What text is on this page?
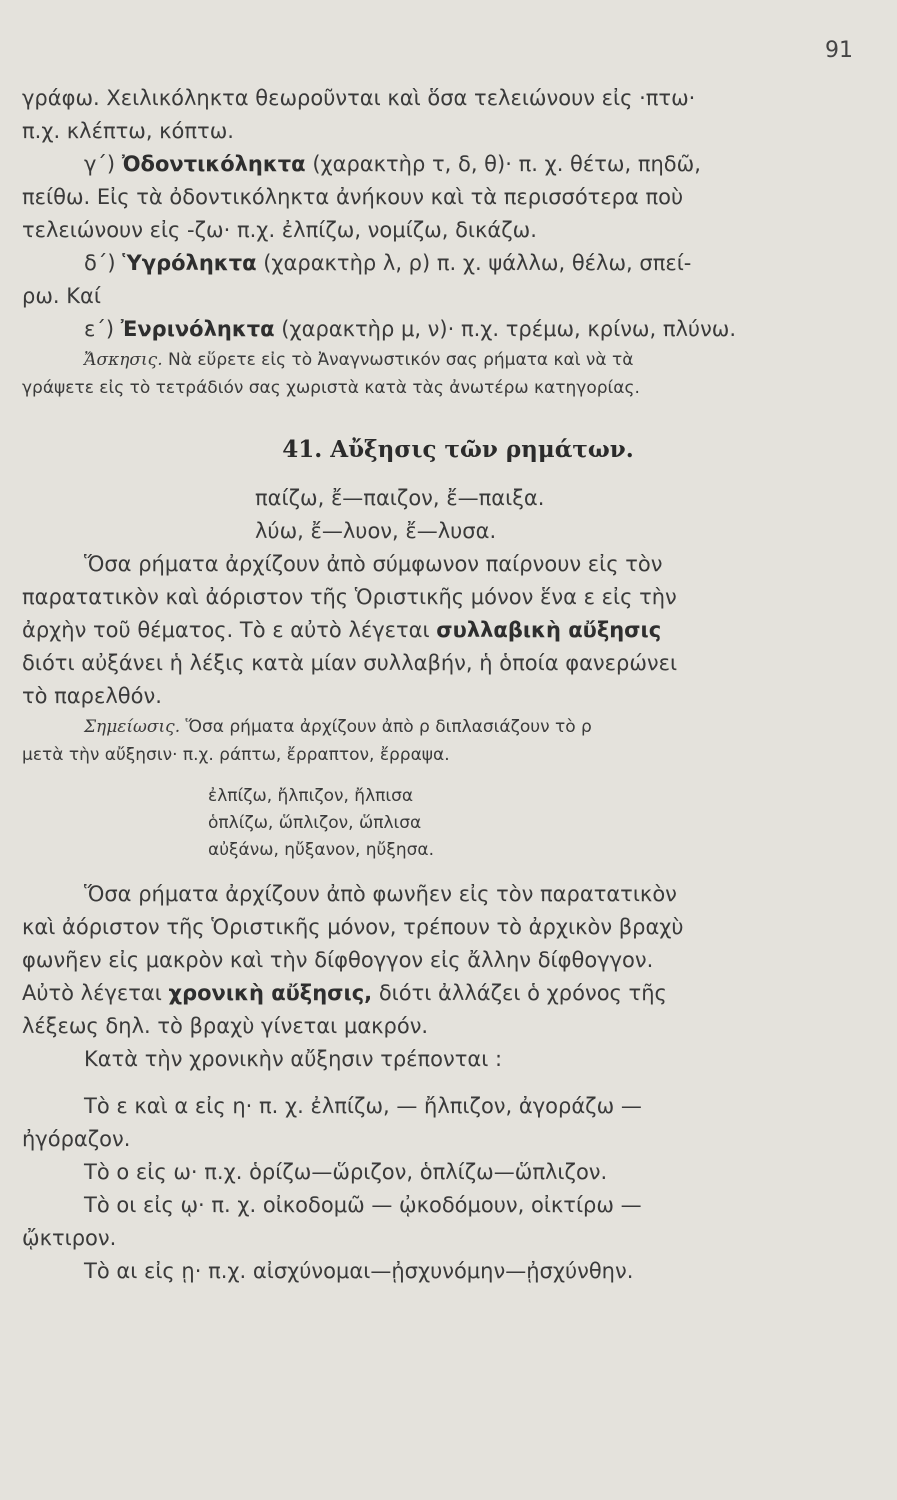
91
γράφω. Χειλικόληκτα θεωροῦνται καὶ ὅσα τελειώνουν εἰς ·πτω·
π.χ. κλέπτω, κόπτω.
γ΄) Ὀδοντικόληκτα (χαρακτὴρ τ, δ, θ)· π. χ. θέτω, πηδῶ,
πείθω. Εἰς τὰ ὀδοντικόληκτα ἀνήκουν καὶ τὰ περισσότερα ποὺ
τελειώνουν εἰς -ζω· π.χ. ἐλπίζω, νομίζω, δικάζω.
δ΄) Ὑγρόληκτα (χαρακτὴρ λ, ρ) π. χ. ψάλλω, θέλω, σπεί-
ρω. Καί
ε΄) Ἐνρινόληκτα (χαρακτὴρ μ, ν)· π.χ. τρέμω, κρίνω, πλύνω.
Ἄσκησις. Νὰ εὕρετε εἰς τὸ Ἀναγνωστικόν σας ρήματα καὶ νὰ τὰ
γράψετε εἰς τὸ τετράδιόν σας χωριστὰ κατὰ τὰς ἀνωτέρω κατηγορίας.
41. Αὔξησις τῶν ρημάτων.
παίζω, ἔ—παιζον, ἔ—παιξα.
λύω, ἔ—λυον, ἔ—λυσα.
Ὅσα ρήματα ἀρχίζουν ἀπὸ σύμφωνον παίρνουν εἰς τὸν
παρατατικὸν καὶ ἀόριστον τῆς Ὁριστικῆς μόνον ἕνα ε εἰς τὴν
ἀρχὴν τοῦ θέματος. Τὸ ε αὐτὸ λέγεται συλλαβικὴ αὔξησις
διότι αὐξάνει ἡ λέξις κατὰ μίαν συλλαβήν, ἡ ὁποία φανερώνει
τὸ παρελθόν.
Σημείωσις. Ὅσα ρήματα ἀρχίζουν ἀπὸ ρ διπλασιάζουν τὸ ρ
μετὰ τὴν αὔξησιν· π.χ. ράπτω, ἔρραπτον, ἔρραψα.
ἐλπίζω, ἤλπιζον, ἤλπισα
ὁπλίζω, ὥπλιζον, ὥπλισα
αὐξάνω, ηὔξανον, ηὔξησα.
Ὅσα ρήματα ἀρχίζουν ἀπὸ φωνῆεν εἰς τὸν παρατατικὸν
καὶ ἀόριστον τῆς Ὁριστικῆς μόνον, τρέπουν τὸ ἀρχικὸν βραχὺ
φωνῆεν εἰς μακρὸν καὶ τὴν δίφθογγον εἰς ἄλλην δίφθογγον.
Αὐτὸ λέγεται χρονικὴ αὔξησις, διότι ἀλλάζει ὁ χρόνος τῆς
λέξεως δηλ. τὸ βραχὺ γίνεται μακρόν.
Κατὰ τὴν χρονικὴν αὔξησιν τρέπονται :
Τὸ ε καὶ α εἰς η· π. χ. ἐλπίζω, — ἤλπιζον, ἀγοράζω —
ἠγόραζον.
Τὸ ο εἰς ω· π.χ. ὁρίζω—ὥριζον, ὁπλίζω—ὥπλιζον.
Τὸ οι εἰς ῳ· π. χ. οἰκοδομῶ — ᾠκοδόμουν, οἰκτίρω —
ᾤκτιρον.
Τὸ αι εἰς ῃ· π.χ. αἰσχύνομαι—ᾐσχυνόμην—ᾐσχύνθην.
